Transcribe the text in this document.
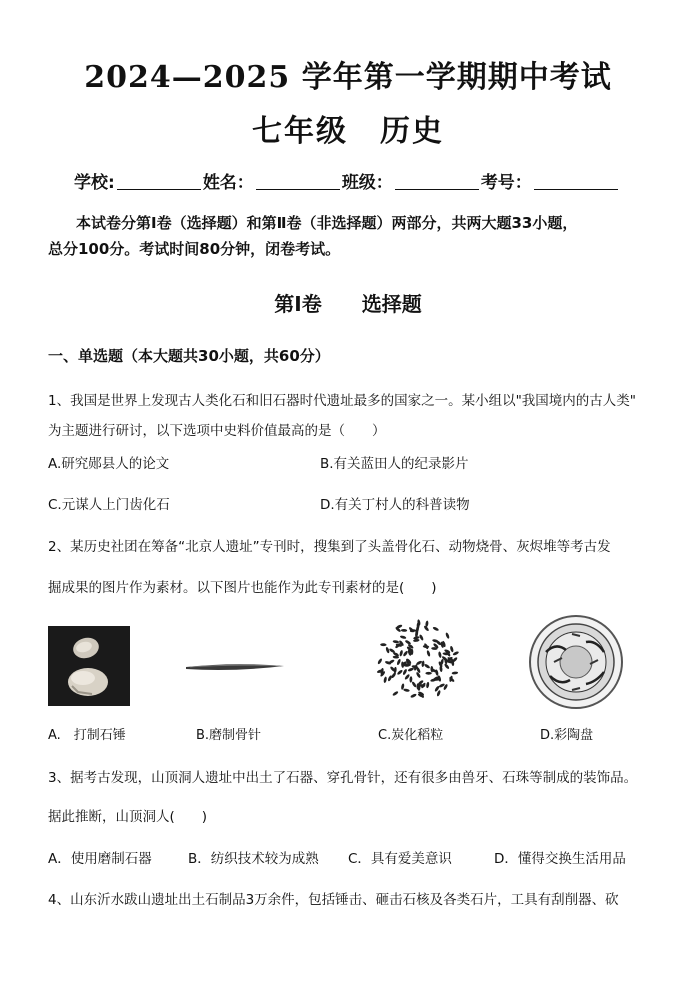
2024—2025 学年第一学期期中考试
七年级　历史
学校:	姓名：	班级：	考号：
本试卷分第Ⅰ卷（选择题）和第Ⅱ卷（非选择题）两部分，共两大题33小题，
总分100分。考试时间80分钟，闭卷考试。
第Ⅰ卷　　选择题
一、单选题（本大题共30小题，共60分）
1、我国是世界上发现古人类化石和旧石器时代遗址最多的国家之一。某小组以"我国境内的古人类"
为主题进行研讨，以下选项中史料价值最高的是（　　）
A.研究郧县人的论文	B.有关蓝田人的纪录影片
C.元谋人上门齿化石	D.有关丁村人的科普读物
2、某历史社团在筹备“北京人遗址”专刊时，搜集到了头盖骨化石、动物烧骨、灰烬堆等考古发
掘成果的图片作为素材。以下图片也能作为此专刊素材的是(　　)
A.　打制石锤	B.磨制骨针	C.炭化稻粒	D.彩陶盘
3、据考古发现，山顶洞人遗址中出土了石器、穿孔骨针，还有很多由兽牙、石珠等制成的装饰品。
据此推断，山顶洞人(　　)
A．使用磨制石器	B．纺织技术较为成熟 C．具有爱美意识	D．懂得交换生活用品
4、山东沂水跋山遗址出土石制品3万余件，包括锤击、砸击石核及各类石片，工具有刮削器、砍
